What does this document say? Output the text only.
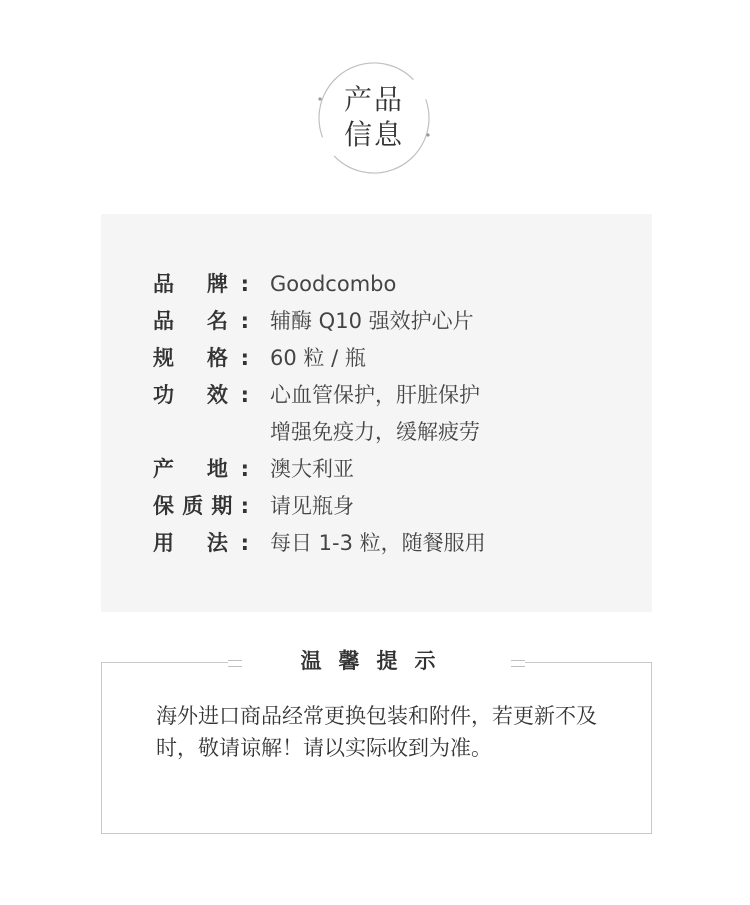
产品
信息
品 牌: Goodcombo
品 名: 辅酶 Q10 强效护心片
规 格: 60 粒 / 瓶
功 效: 心血管保护，肝脏保护
增强免疫力，缓解疲劳
产 地: 澳大利亚
保质期: 请见瓶身
用 法: 每日 1-3 粒，随餐服用
温馨提示
海外进口商品经常更换包装和附件，若更新不及时，敬请谅解！请以实际收到为准。
